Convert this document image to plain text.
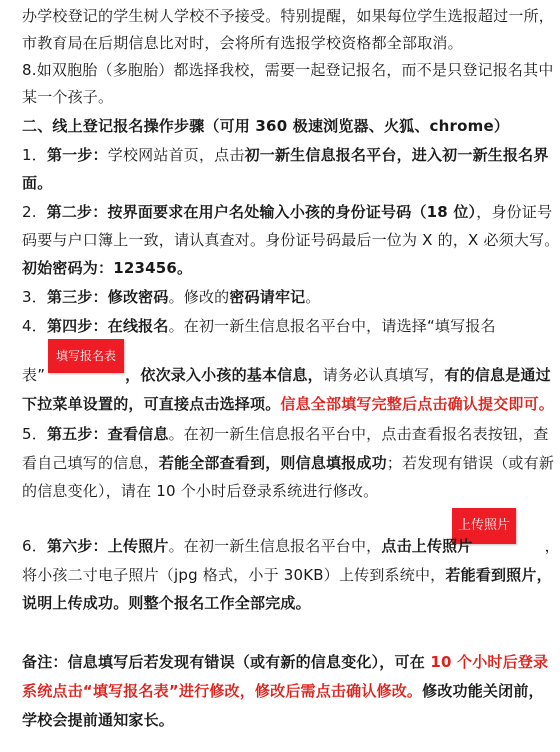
办学校登记的学生树人学校不予接受。特别提醒，如果每位学生选报超过一所，
市教育局在后期信息比对时，会将所有选报学校资格都全部取消。
8.如双胞胎（多胞胎）都选择我校，需要一起登记报名，而不是只登记报名其中
某一个孩子。
二、线上登记报名操作步骤（可用 360 极速浏览器、火狐、chrome）
1．第一步：学校网站首页，点击初一新生信息报名平台，进入初一新生报名界
面。
2. 第二步：按界面要求在用户名处输入小孩的身份证号码（18 位），身份证号
码要与户口簿上一致，请认真查对。身份证号码最后一位为 X 的，X 必须大写。
初始密码为：123456。
3．第三步：修改密码。修改的密码请牢记。
4．第四步：在线报名。在初一新生信息报名平台中，请选择“填写报名
填写报名表
表”	，依次录入小孩的基本信息，请务必认真填写，有的信息是通过
下拉菜单设置的，可直接点击选择项。信息全部填写完整后点击确认提交即可。
5．第五步：查看信息。在初一新生信息报名平台中，点击查看报名表按钮，查
看自己填写的信息，若能全部查看到，则信息填报成功；若发现有错误（或有新
的信息变化），请在 10 个小时后登录系统进行修改。
上传照片
6．第六步：上传照片。在初一新生信息报名平台中，点击上传照片	，
将小孩二寸电子照片（jpg 格式，小于 30KB）上传到系统中，若能看到照片，
说明上传成功。则整个报名工作全部完成。
备注：信息填写后若发现有错误（或有新的信息变化），可在 10 个小时后登录
系统点击“填写报名表”进行修改，修改后需点击确认修改。修改功能关闭前，
学校会提前通知家长。
